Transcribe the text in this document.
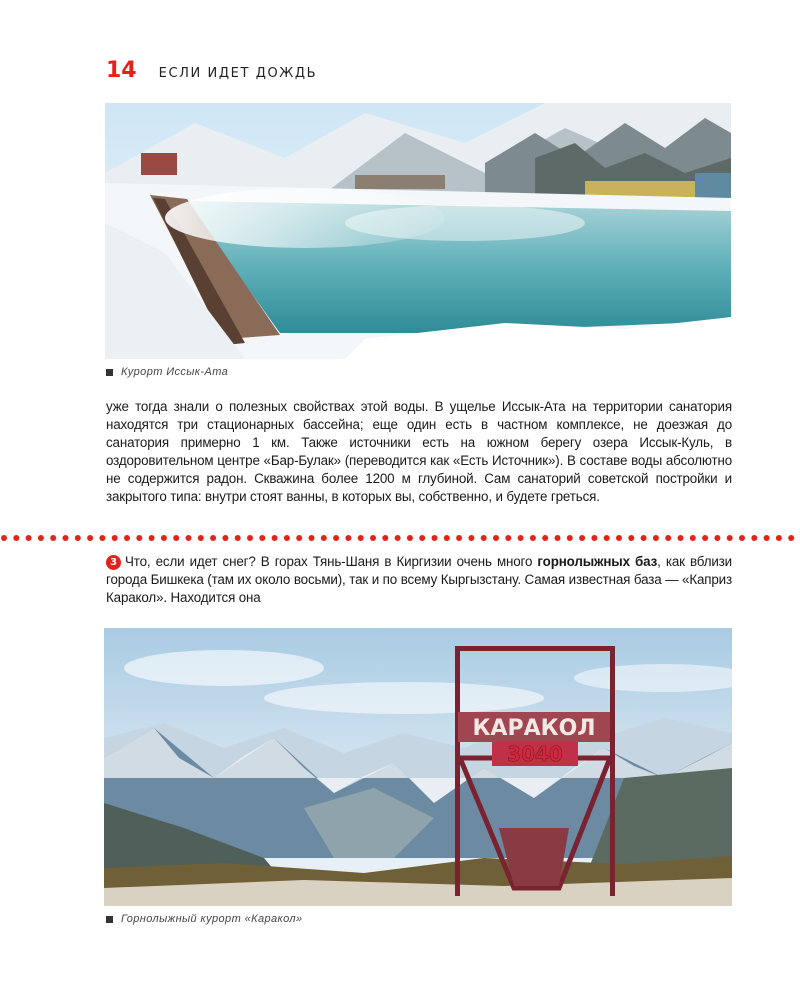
14 ЕСЛИ ИДЕТ ДОЖДЬ
Курорт Иссык-Ата

уже тогда знали о полезных свойствах этой воды. В ущелье Иссык-Ата на территории санатория находятся три стационарных бассейна; еще один есть в частном комплексе, не доезжая до санатория примерно 1 км. Также источники есть на южном берегу озера Иссык-Куль, в оздоровительном центре «Бар-Булак» (переводится как «Есть Источник»). В составе воды абсолютно не содержится радон. Скважина более 1200 м глубиной. Сам санаторий советской постройки и закрытого типа: внутри стоят ванны, в которых вы, собственно, и будете греться.

3 Что, если идет снег? В горах Тянь-Шаня в Киргизии очень много горнолыжных баз, как вблизи города Бишкека (там их около восьми), так и по всему Кыргызстану. Самая известная база — «Каприз Каракол». Находится она

КАРАКОЛ
3040
Горнолыжный курорт «Каракол»
